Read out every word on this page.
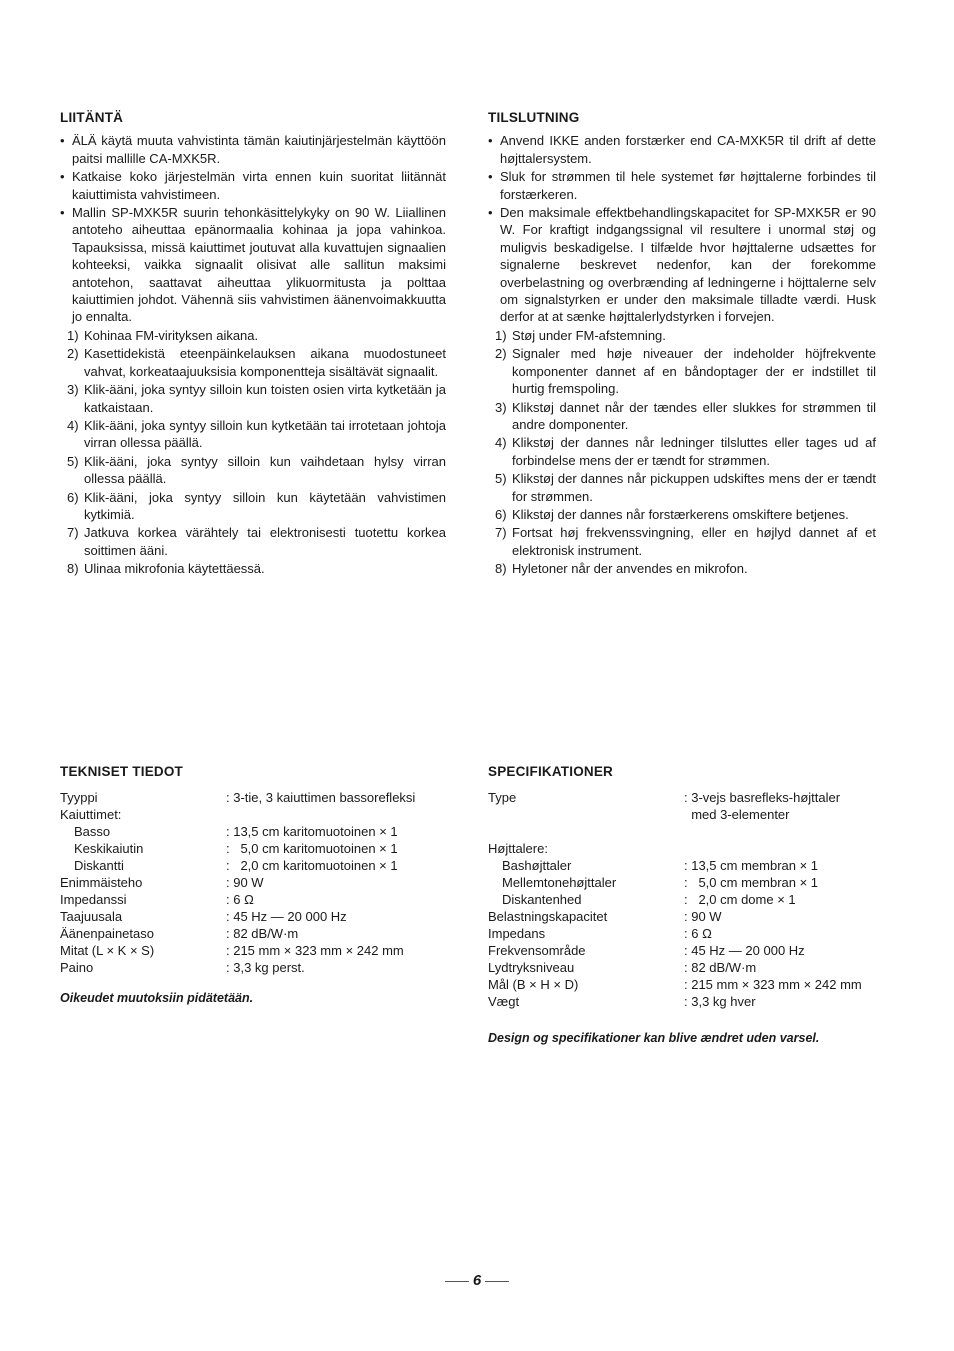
LIITÄNTÄ
• ÄLÄ käytä muuta vahvistinta tämän kaiutinjärjestelmän käyttöön paitsi mallille CA-MXK5R.
• Katkaise koko järjestelmän virta ennen kuin suoritat liitännät kaiuttimista vahvistimeen.
• Mallin SP-MXK5R suurin tehonkäsittelykyky on 90 W. Liiallinen antoteho aiheuttaa epänormaalia kohinaa ja jopa vahinkoa. Tapauksissa, missä kaiuttimet joutuvat alla kuvattujen signaalien kohteeksi, vaikka signaalit olisivat alle sallitun maksimi antotehon, saattavat aiheuttaa ylikuormitusta ja polttaa kaiuttimien johdot. Vähennä siis vahvistimen äänenvoimakkuutta jo ennalta.
1) Kohinaa FM-virityksen aikana.
2) Kasettidekistä eteenpäinkelauksen aikana muodostuneet vahvat, korkeataajuuksisia komponentteja sisältävät signaalit.
3) Klik-ääni, joka syntyy silloin kun toisten osien virta kytketään ja katkaistaan.
4) Klik-ääni, joka syntyy silloin kun kytketään tai irrotetaan johtoja virran ollessa päällä.
5) Klik-ääni, joka syntyy silloin kun vaihdetaan hylsy virran ollessa päällä.
6) Klik-ääni, joka syntyy silloin kun käytetään vahvistimen kytkimiä.
7) Jatkuva korkea värähtely tai elektronisesti tuotettu korkea soittimen ääni.
8) Ulinaa mikrofonia käytettäessä.
TILSLUTNING
• Anvend IKKE anden forstærker end CA-MXK5R til drift af dette højttalersystem.
• Sluk for strømmen til hele systemet før højttalerne forbindes til forstærkeren.
• Den maksimale effektbehandlingskapacitet for SP-MXK5R er 90 W. For kraftigt indgangssignal vil resultere i unormal støj og muligvis beskadigelse. I tilfælde hvor højttalerne udsættes for signalerne beskrevet nedenfor, kan der forekomme overbelastning og overbrænding af ledningerne i höjttalerne selv om signalstyrken er under den maksimale tilladte værdi. Husk derfor at at sænke højttalerlydstyrken i forvejen.
1) Støj under FM-afstemning.
2) Signaler med høje niveauer der indeholder höjfrekvente komponenter dannet af en båndoptager der er indstillet til hurtig fremspoling.
3) Klikstøj dannet når der tændes eller slukkes for strømmen til andre domponenter.
4) Klikstøj der dannes når ledninger tilsluttes eller tages ud af forbindelse mens der er tændt for strømmen.
5) Klikstøj der dannes når pickuppen udskiftes mens der er tændt for strømmen.
6) Klikstøj der dannes når forstærkerens omskiftere betjenes.
7) Fortsat høj frekvenssvingning, eller en højlyd dannet af et elektronisk instrument.
8) Hyletoner når der anvendes en mikrofon.
TEKNISET TIEDOT
Tyyppi	: 3-tie, 3 kaiuttimen bassorefleksi
Kaiuttimet:
Basso	: 13,5 cm karitomuotoinen × 1
Keskikaiutin	:   5,0 cm karitomuotoinen × 1
Diskantti	:   2,0 cm karitomuotoinen × 1
Enimmäisteho	: 90 W
Impedanssi	: 6 Ω
Taajuusala	: 45 Hz — 20 000 Hz
Äänenpainetaso	: 82 dB/W·m
Mitat (L × K × S)	: 215 mm × 323 mm × 242 mm
Paino	: 3,3 kg perst.
Oikeudet muutoksiin pidätetään.
SPECIFIKATIONER
Type	: 3-vejs basrefleks-højttaler
med 3-elementer
Højttalere:
Bashøjttaler	: 13,5 cm membran × 1
Mellemtonehøjttaler	:   5,0 cm membran × 1
Diskantenhed	:   2,0 cm dome × 1
Belastningskapacitet	: 90 W
Impedans	: 6 Ω
Frekvensområde	: 45 Hz — 20 000 Hz
Lydtryksniveau	: 82 dB/W·m
Mål (B × H × D)	: 215 mm × 323 mm × 242 mm
Vægt	: 3,3 kg hver
Design og specifikationer kan blive ændret uden varsel.
6
